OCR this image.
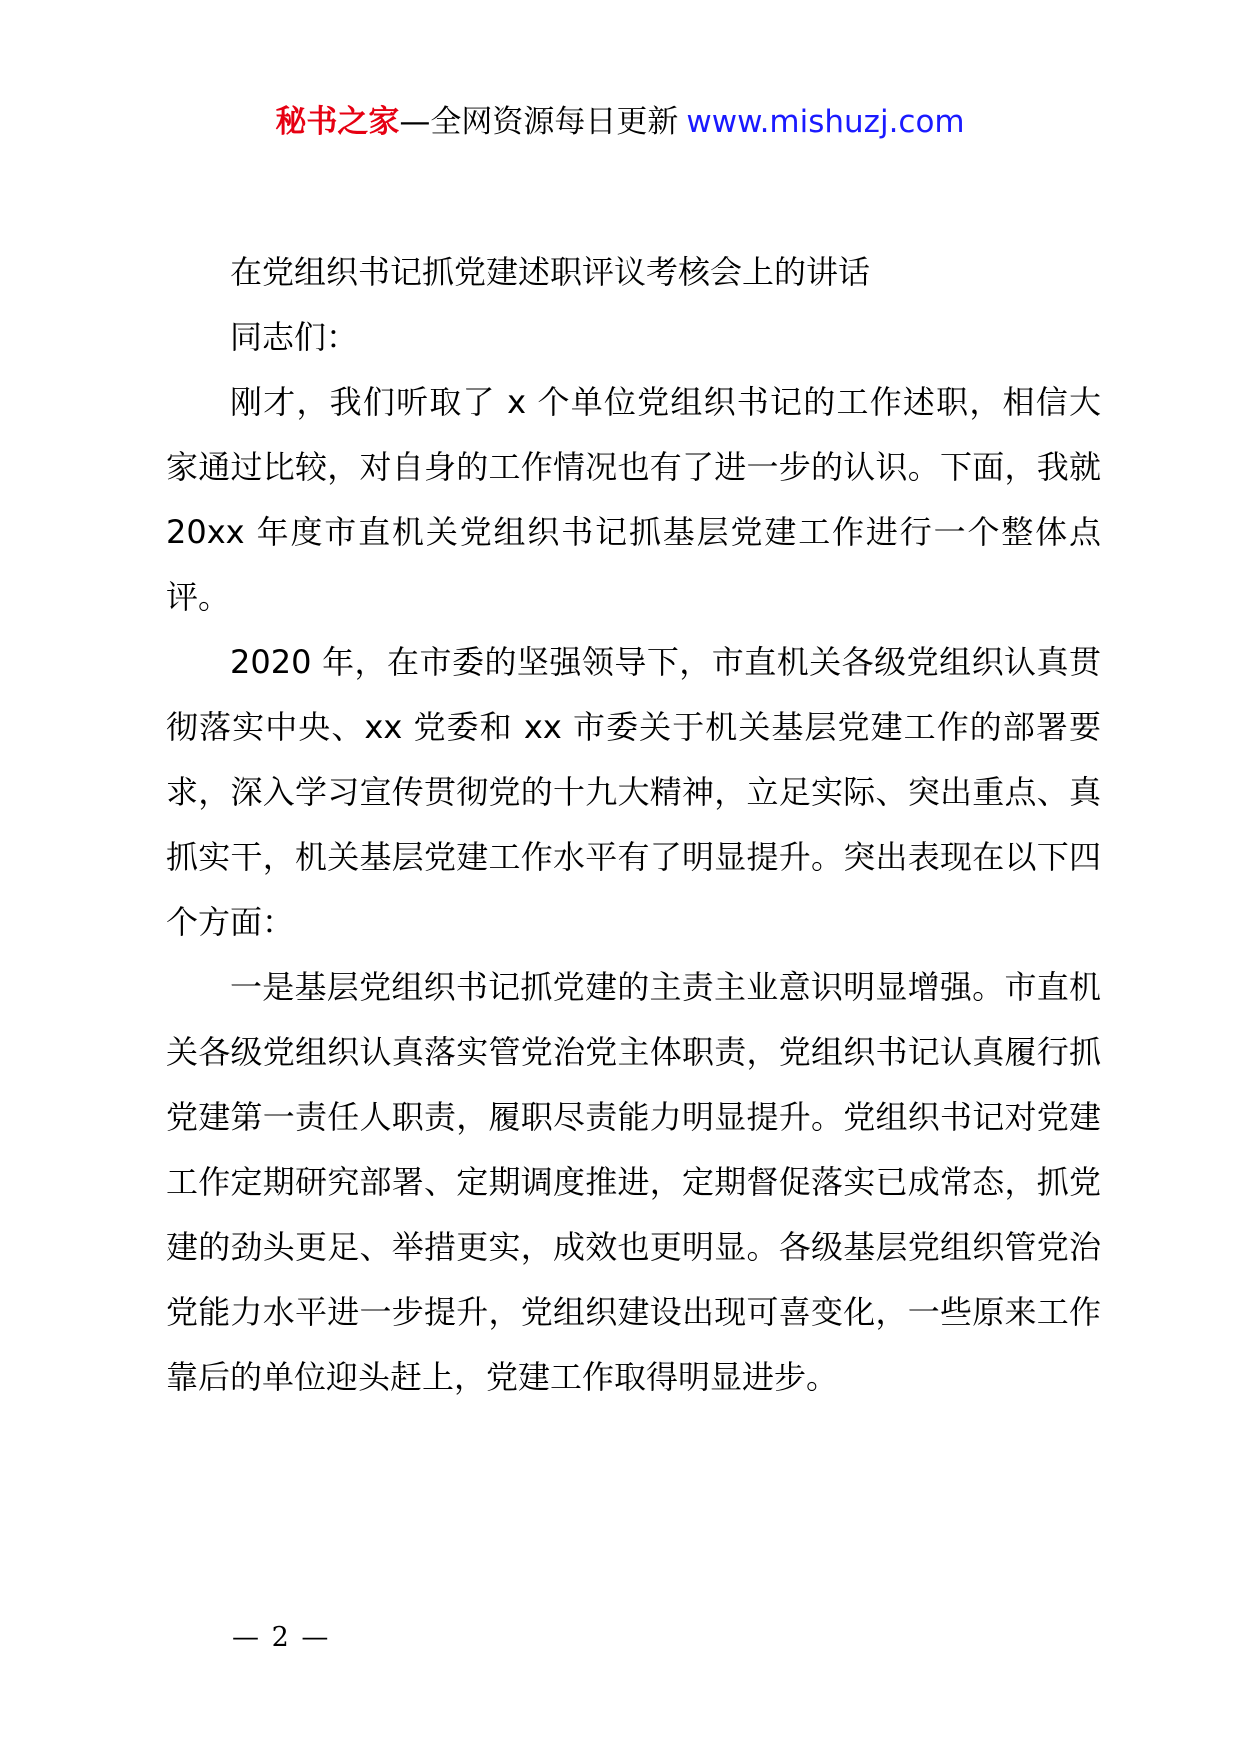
秘书之家—全网资源每日更新 www.mishuzj.com

在党组织书记抓党建述职评议考核会上的讲话

同志们：

刚才，我们听取了 x 个单位党组织书记的工作述职，相信大家通过比较，对自身的工作情况也有了进一步的认识。下面，我就 20xx 年度市直机关党组织书记抓基层党建工作进行一个整体点评。

2020 年，在市委的坚强领导下，市直机关各级党组织认真贯彻落实中央、xx 党委和 xx 市委关于机关基层党建工作的部署要求，深入学习宣传贯彻党的十九大精神，立足实际、突出重点、真抓实干，机关基层党建工作水平有了明显提升。突出表现在以下四个方面：

一是基层党组织书记抓党建的主责主业意识明显增强。市直机关各级党组织认真落实管党治党主体职责，党组织书记认真履行抓党建第一责任人职责，履职尽责能力明显提升。党组织书记对党建工作定期研究部署、定期调度推进，定期督促落实已成常态，抓党建的劲头更足、举措更实，成效也更明显。各级基层党组织管党治党能力水平进一步提升，党组织建设出现可喜变化，一些原来工作靠后的单位迎头赶上，党建工作取得明显进步。

— 2 —
